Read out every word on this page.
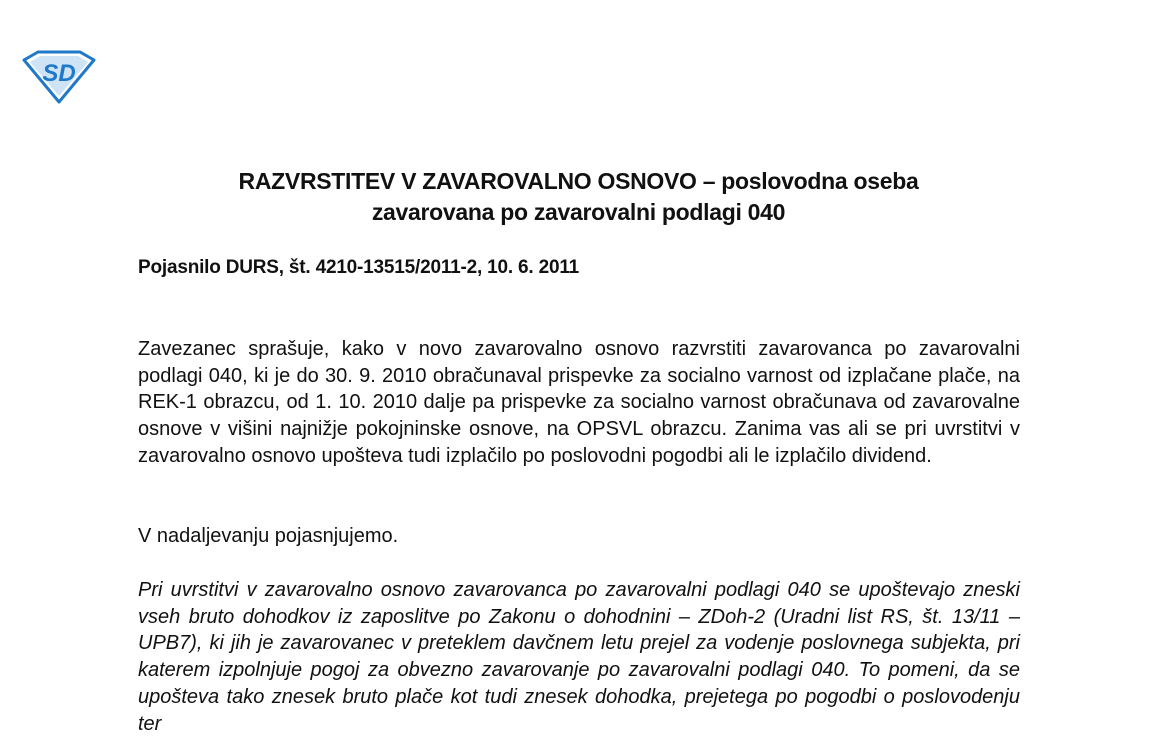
SD
RAZVRSTITEV V ZAVAROVALNO OSNOVO – poslovodna oseba
zavarovana po zavarovalni podlagi 040
Pojasnilo DURS, št. 4210-13515/2011-2, 10. 6. 2011

Zavezanec sprašuje, kako v novo zavarovalno osnovo razvrstiti zavarovanca po zavarovalni podlagi 040, ki je do 30. 9. 2010 obračunaval prispevke za socialno varnost od izplačane plače, na REK-1 obrazcu, od 1. 10. 2010 dalje pa prispevke za socialno varnost obračunava od zavarovalne osnove v višini najnižje pokojninske osnove, na OPSVL obrazcu. Zanima vas ali se pri uvrstitvi v zavarovalno osnovo upošteva tudi izplačilo po poslovodni pogodbi ali le izplačilo dividend.

V nadaljevanju pojasnjujemo.

Pri uvrstitvi v zavarovalno osnovo zavarovanca po zavarovalni podlagi 040 se upoštevajo zneski vseh bruto dohodkov iz zaposlitve po Zakonu o dohodnini – ZDoh-2 (Uradni list RS, št. 13/11 – UPB7), ki jih je zavarovanec v preteklem davčnem letu prejel za vodenje poslovnega subjekta, pri katerem izpolnjuje pogoj za obvezno zavarovanje po zavarovalni podlagi 040. To pomeni, da se upošteva tako znesek bruto plače kot tudi znesek dohodka, prejetega po pogodbi o poslovodenju ter
